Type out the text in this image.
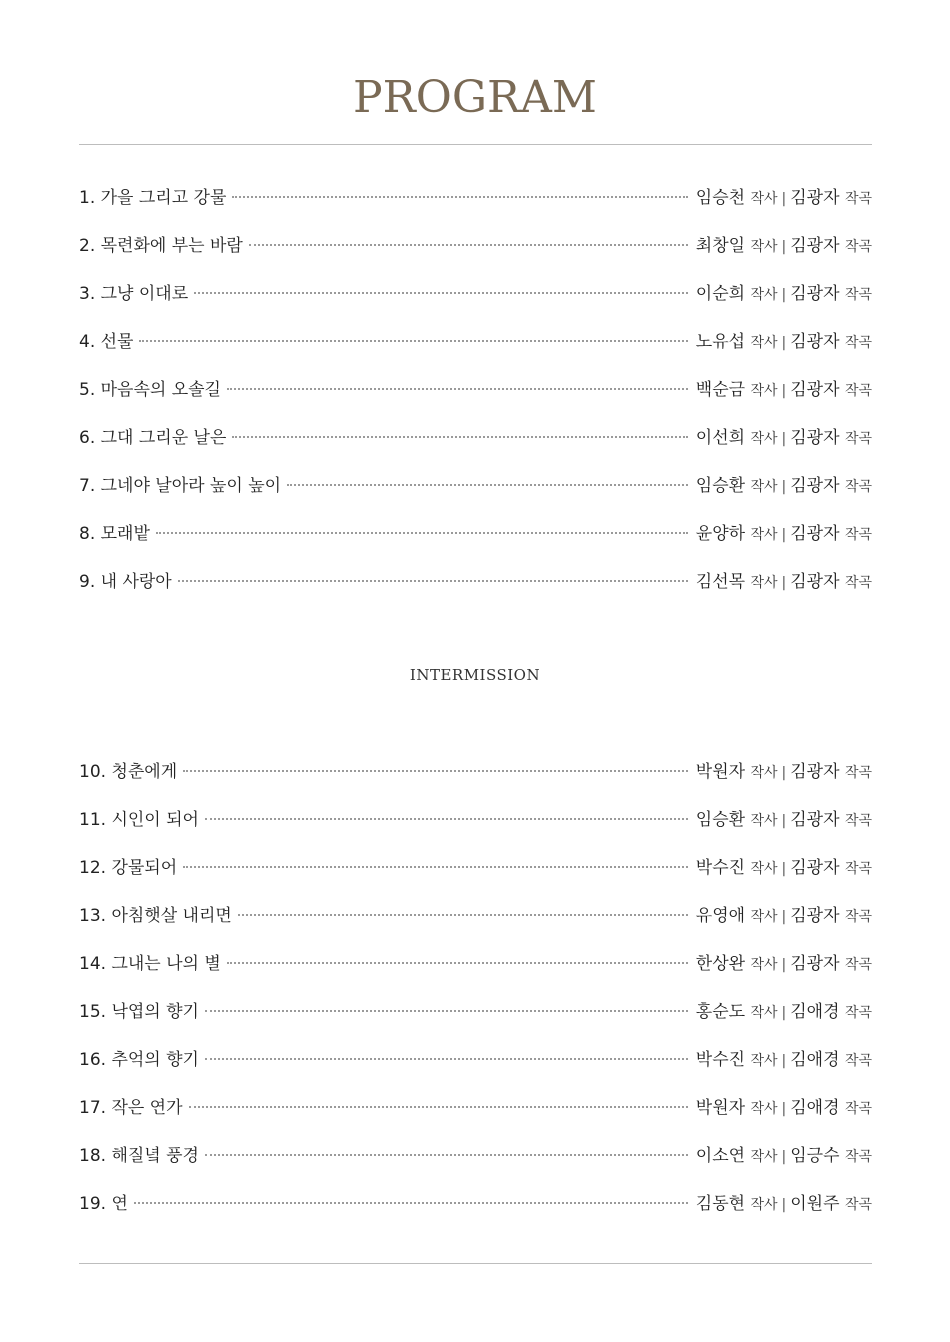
PROGRAM
1. 가을 그리고 강물	임승천 작사 | 김광자 작곡
2. 목련화에 부는 바람	최창일 작사 | 김광자 작곡
3. 그냥 이대로	이순희 작사 | 김광자 작곡
4. 선물	노유섭 작사 | 김광자 작곡
5. 마음속의 오솔길	백순금 작사 | 김광자 작곡
6. 그대 그리운 날은	이선희 작사 | 김광자 작곡
7. 그네야 날아라 높이 높이	임승환 작사 | 김광자 작곡
8. 모래밭	윤양하 작사 | 김광자 작곡
9. 내 사랑아	김선목 작사 | 김광자 작곡
INTERMISSION
10. 청춘에게	박원자 작사 | 김광자 작곡
11. 시인이 되어	임승환 작사 | 김광자 작곡
12. 강물되어	박수진 작사 | 김광자 작곡
13. 아침햇살 내리면	유영애 작사 | 김광자 작곡
14. 그내는 나의 별	한상완 작사 | 김광자 작곡
15. 낙엽의 향기	홍순도 작사 | 김애경 작곡
16. 추억의 향기	박수진 작사 | 김애경 작곡
17. 작은 연가	박원자 작사 | 김애경 작곡
18. 해질녘 풍경	이소연 작사 | 임긍수 작곡
19. 연	김동현 작사 | 이원주 작곡
